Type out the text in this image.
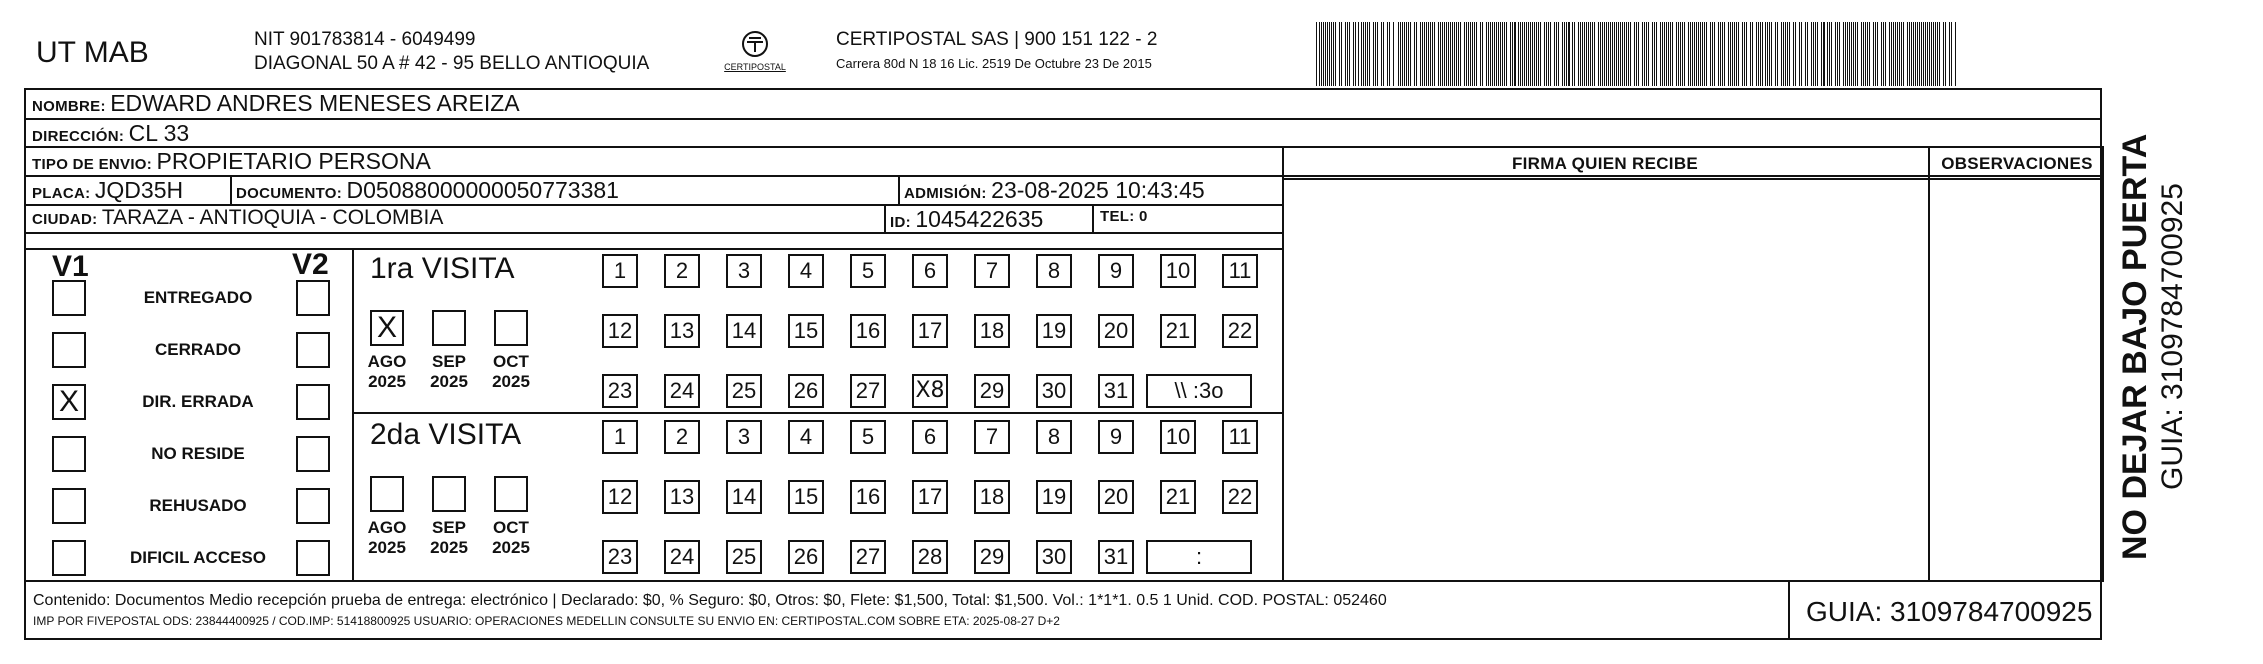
UT MAB	NIT 901783814 - 6049499
DIAGONAL 50 A # 42 - 95 BELLO ANTIOQUIA	CERTIPOSTAL
CERTIPOSTAL SAS | 900 151 122 - 2
Carrera 80d N 18 16 Lic. 2519 De Octubre 23 De 2015
NOMBRE: EDWARD ANDRES MENESES AREIZA
DIRECCIÓN: CL 33
TIPO DE ENVIO: PROPIETARIO PERSONA
PLACA: JQD35H	DOCUMENTO: D05088000000050773381	ADMISIÓN: 23-08-2025 10:43:45
CIUDAD: TARAZA - ANTIOQUIA - COLOMBIA	ID: 1045422635	TEL: 0
FIRMA QUIEN RECIBE	OBSERVACIONES
V1	V2
ENTREGADO
CERRADO
X	DIR. ERRADA
NO RESIDE
REHUSADO
DIFICIL ACCESO
1ra VISITA
2da VISITA
X
AGO
2025
SEP
2025
OCT
2025
1	2	3	4	5	6	7	8	9	10 11
12 13 14 15 16 17 18 19 20 21 22
23 24 25 26 27 X8 29 30 31	\\ :3o
AGO
2025
SEP
2025
OCT
2025
1	2	3	4	5	6	7	8	9	10 11
12 13 14 15 16 17 18 19 20 21 22
23 24 25 26 27 28 29 30 31	:
Contenido: Documentos Medio recepción prueba de entrega: electrónico | Declarado: $0, % Seguro: $0, Otros: $0, Flete: $1,500, Total: $1,500. Vol.: 1*1*1. 0.5 1 Unid. COD. POSTAL: 052460
IMP POR FIVEPOSTAL ODS: 23844400925 / COD.IMP: 51418800925 USUARIO: OPERACIONES MEDELLIN CONSULTE SU ENVIO EN: CERTIPOSTAL.COM SOBRE ETA: 2025-08-27 D+2	GUIA: 3109784700925
NO DEJAR BAJO PUERTA GUIA: 3109784700925
